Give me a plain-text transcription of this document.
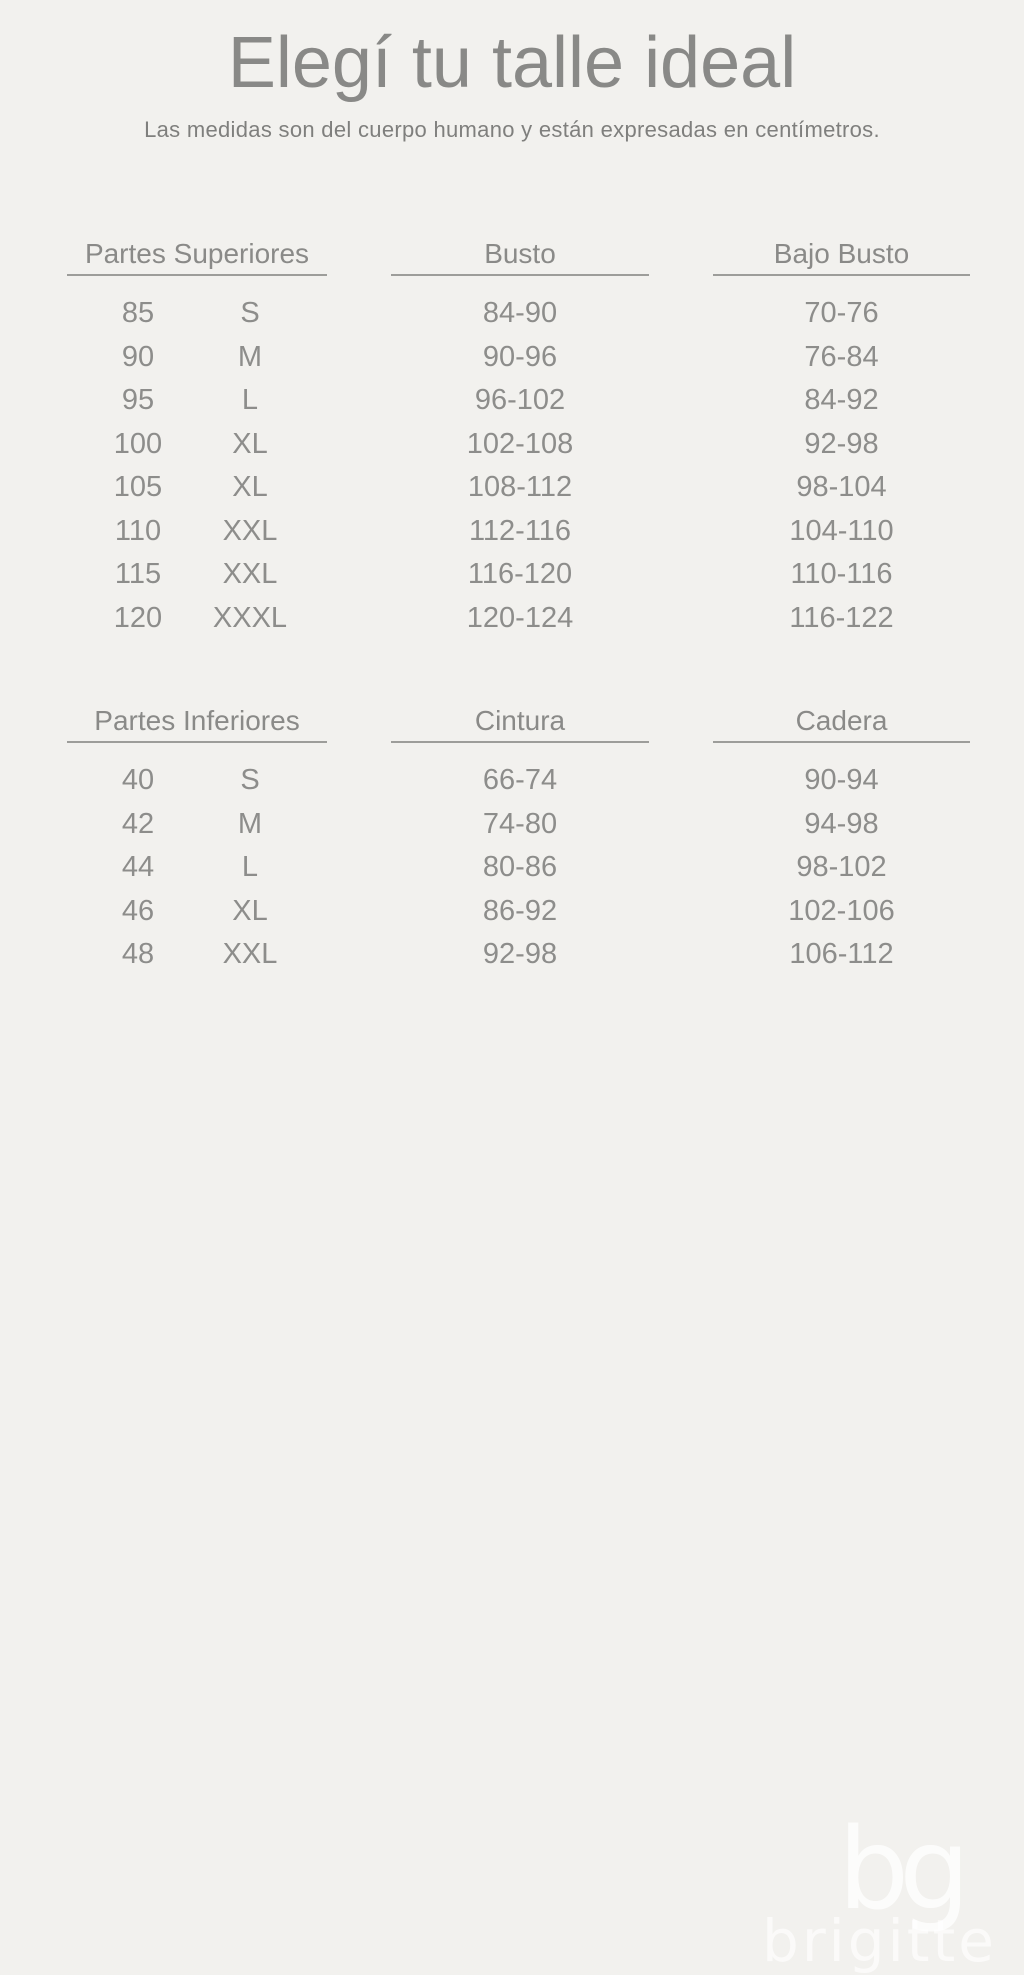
Elegí tu talle ideal

Las medidas son del cuerpo humano y están expresadas en centímetros.

Partes Superiores	Busto	Bajo Busto
85	S	84-90	70-76
90	M	90-96	76-84
95	L	96-102	84-92
100	XL	102-108	92-98
105	XL	108-112	98-104
110	XXL	112-116	104-110
115	XXL	116-120	110-116
120	XXXL	120-124	116-122
Partes Inferiores	Cintura	Cadera
40	S	66-74	90-94
42	M	74-80	94-98
44	L	80-86	98-102
46	XL	86-92	102-106
48	XXL	92-98	106-112
bg
brigitte
